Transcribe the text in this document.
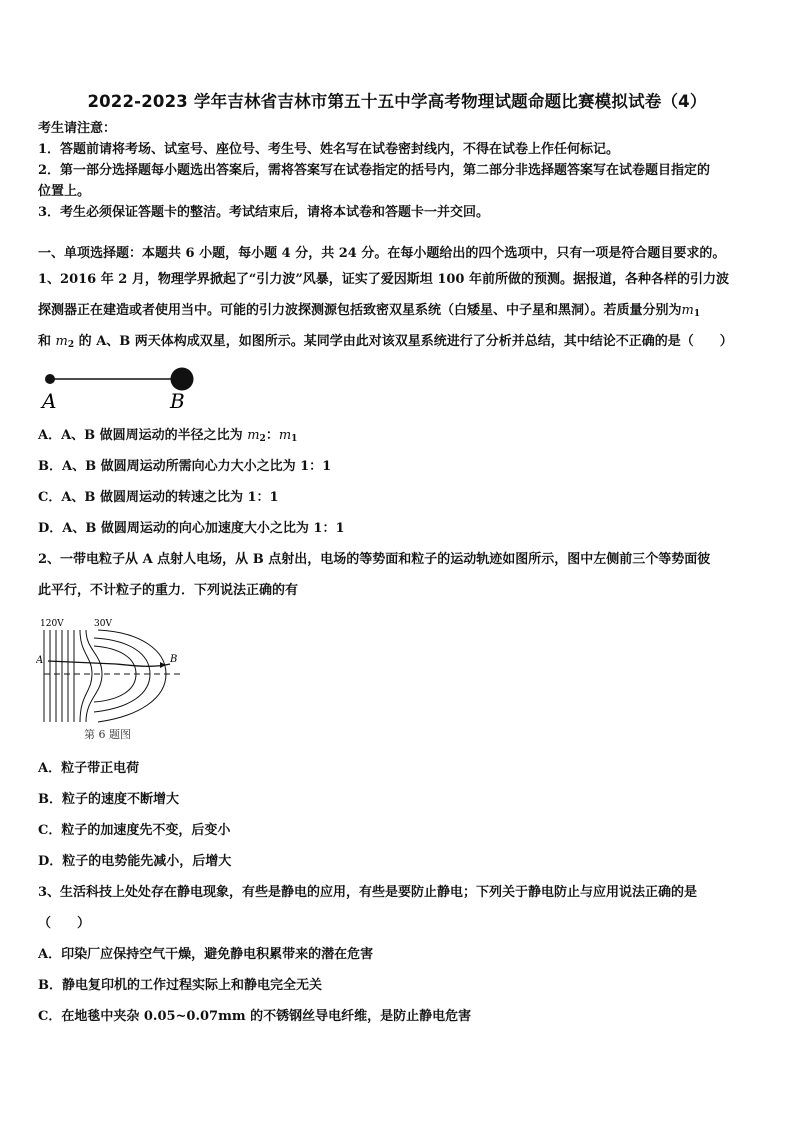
2022-2023 学年吉林省吉林市第五十五中学高考物理试题命题比赛模拟试卷（4）
考生请注意：
1．答题前请将考场、试室号、座位号、考生号、姓名写在试卷密封线内，不得在试卷上作任何标记。
2．第一部分选择题每小题选出答案后，需将答案写在试卷指定的括号内，第二部分非选择题答案写在试卷题目指定的
位置上。
3．考生必须保证答题卡的整洁。考试结束后，请将本试卷和答题卡一并交回。
一、单项选择题：本题共 6 小题，每小题 4 分，共 24 分。在每小题给出的四个选项中，只有一项是符合题目要求的。
1、2016 年 2 月，物理学界掀起了“引力波”风暴，证实了爱因斯坦 100 年前所做的预测。据报道，各种各样的引力波
探测器正在建造或者使用当中。可能的引力波探测源包括致密双星系统（白矮星、中子星和黑洞）。若质量分别为$m_1$
和 $m_2$ 的 A、B 两天体构成双星，如图所示。某同学由此对该双星系统进行了分析并总结，其中结论不正确的是（　　）
A	B
A．A、B 做圆周运动的半径之比为 $m_2$：$m_1$
B．A、B 做圆周运动所需向心力大小之比为 1：1
C．A、B 做圆周运动的转速之比为 1：1
D．A、B 做圆周运动的向心加速度大小之比为 1：1
2、一带电粒子从 A 点射人电场，从 B 点射出，电场的等势面和粒子的运动轨迹如图所示，图中左侧前三个等势面彼
此平行，不计粒子的重力．下列说法正确的有
120V	30V
A	B
第 6 题图
A．粒子带正电荷
B．粒子的速度不断增大
C．粒子的加速度先不变，后变小
D．粒子的电势能先减小，后增大
3、生活科技上处处存在静电现象，有些是静电的应用，有些是要防止静电；下列关于静电防止与应用说法正确的是
（　　）
A．印染厂应保持空气干燥，避免静电积累带来的潜在危害
B．静电复印机的工作过程实际上和静电完全无关
C．在地毯中夹杂 0.05~0.07mm 的不锈钢丝导电纤维，是防止静电危害
